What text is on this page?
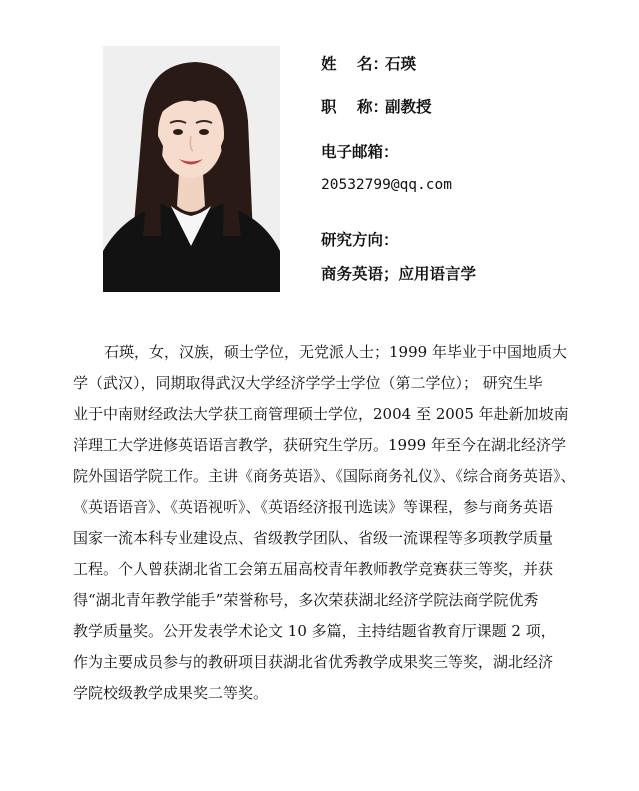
姓 名：石瑛
职 称：副教授
电子邮箱：
20532799@qq.com
研究方向：
商务英语；应用语言学

石瑛，女，汉族，硕士学位，无党派人士；1999 年毕业于中国地质大
学（武汉），同期取得武汉大学经济学学士学位（第二学位）； 研究生毕
业于中南财经政法大学获工商管理硕士学位，2004 至 2005 年赴新加坡南
洋理工大学进修英语语言教学，获研究生学历。1999 年至今在湖北经济学
院外国语学院工作。主讲《商务英语》、《国际商务礼仪》、《综合商务英语》、
《英语语音》、《英语视听》、《英语经济报刊选读》等课程，参与商务英语
国家一流本科专业建设点、省级教学团队、省级一流课程等多项教学质量
工程。个人曾获湖北省工会第五届高校青年教师教学竞赛获三等奖，并获
得“湖北青年教学能手”荣誉称号，多次荣获湖北经济学院法商学院优秀
教学质量奖。公开发表学术论文 10 多篇，主持结题省教育厅课题 2 项，
作为主要成员参与的教研项目获湖北省优秀教学成果奖三等奖，湖北经济
学院校级教学成果奖二等奖。
